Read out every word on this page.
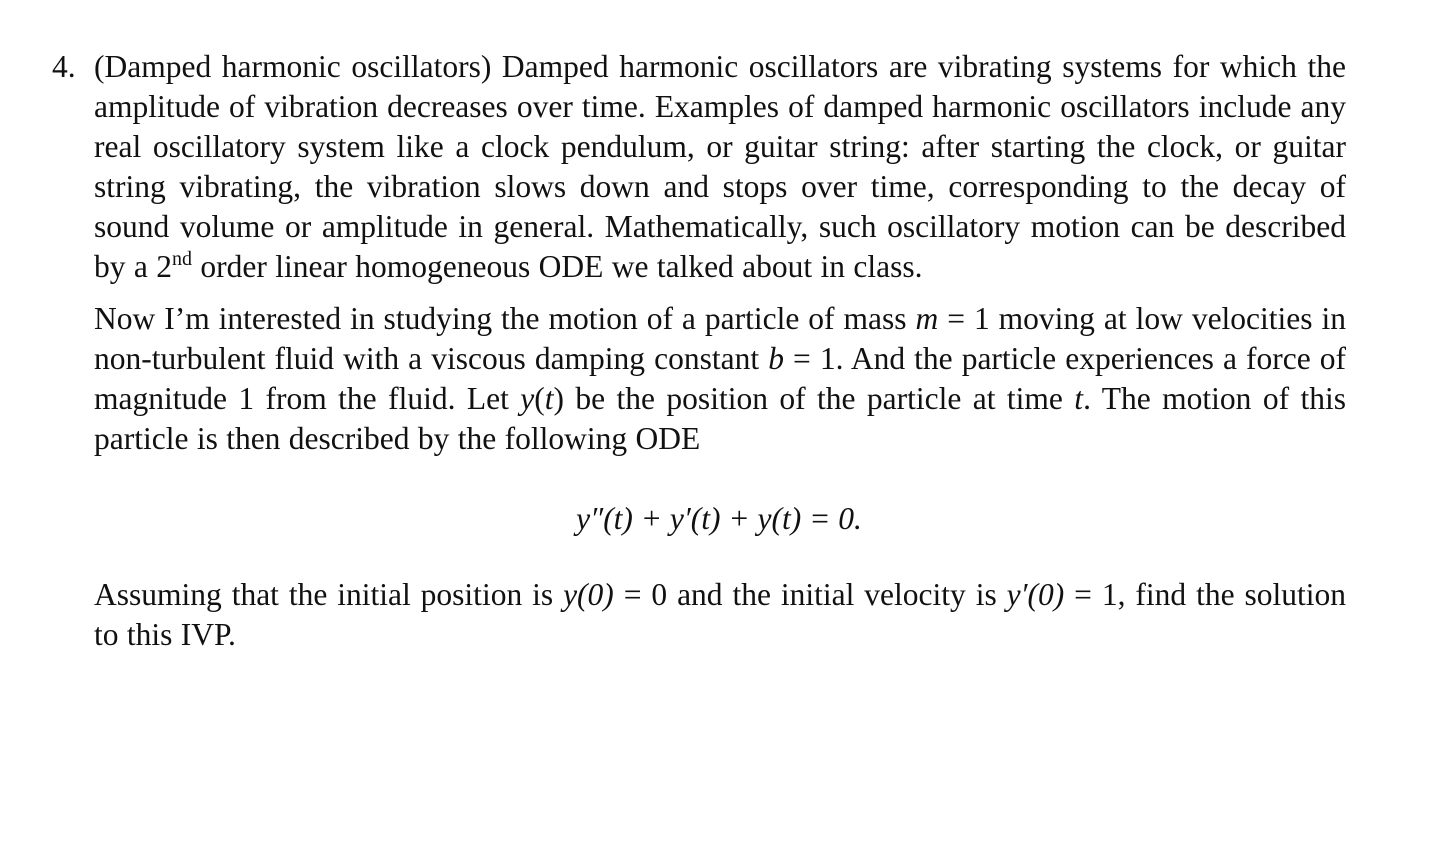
4. (Damped harmonic oscillators) Damped harmonic oscillators are vibrating systems for which the amplitude of vibration decreases over time. Examples of damped harmonic oscillators include any real oscillatory system like a clock pendulum, or guitar string: after starting the clock, or guitar string vibrating, the vibration slows down and stops over time, corresponding to the decay of sound volume or amplitude in general. Mathematically, such oscillatory motion can be described by a 2nd order linear homogeneous ODE we talked about in class.
Now I’m interested in studying the motion of a particle of mass m = 1 moving at low velocities in non-turbulent fluid with a viscous damping constant b = 1. And the particle experiences a force of magnitude 1 from the fluid. Let y(t) be the position of the particle at time t. The motion of this particle is then described by the following ODE
y″(t) + y′(t) + y(t) = 0.
Assuming that the initial position is y(0) = 0 and the initial velocity is y′(0) = 1, find the solution to this IVP.
